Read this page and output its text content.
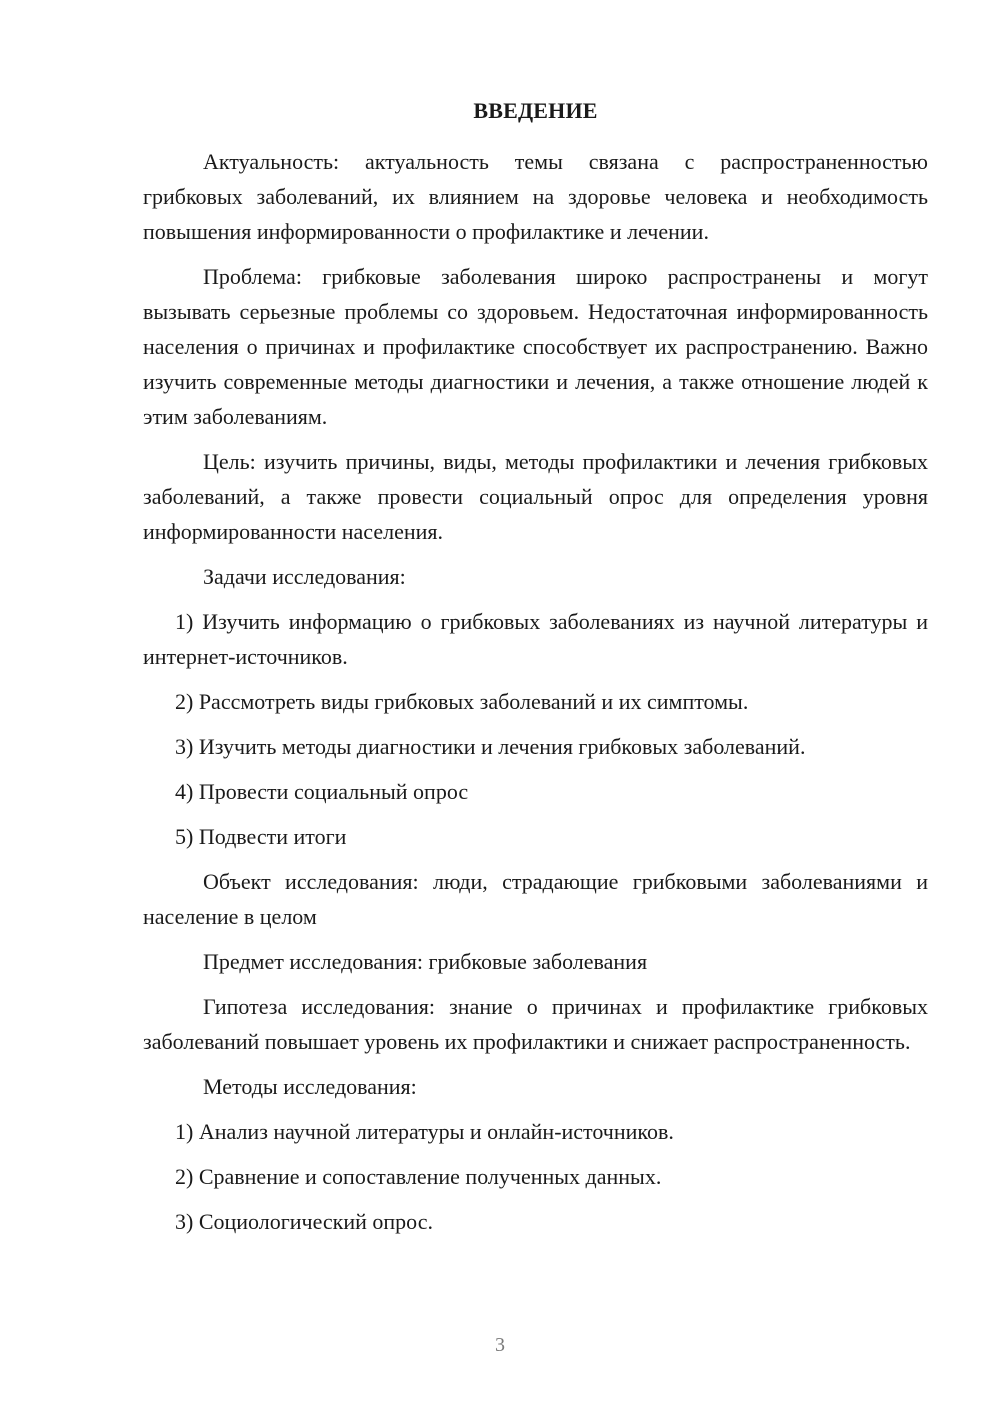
ВВЕДЕНИЕ

Актуальность: актуальность темы связана с распространенностью грибковых заболеваний, их влиянием на здоровье человека и необходимость повышения информированности о профилактике и лечении.

Проблема: грибковые заболевания широко распространены и могут вызывать серьезные проблемы со здоровьем. Недостаточная информированность населения о причинах и профилактике способствует их распространению. Важно изучить современные методы диагностики и лечения, а также отношение людей к этим заболеваниям.

Цель: изучить причины, виды, методы профилактики и лечения грибковых заболеваний, а также провести социальный опрос для определения уровня информированности населения.

Задачи исследования:

1) Изучить информацию о грибковых заболеваниях из научной литературы и интернет-источников.

2) Рассмотреть виды грибковых заболеваний и их симптомы.

3) Изучить методы диагностики и лечения грибковых заболеваний.

4) Провести социальный опрос

5) Подвести итоги

Объект исследования: люди, страдающие грибковыми заболеваниями и население в целом

Предмет исследования: грибковые заболевания

Гипотеза исследования: знание о причинах и профилактике грибковых заболеваний повышает уровень их профилактики и снижает распространенность.

Методы исследования:

1) Анализ научной литературы и онлайн-источников.

2) Сравнение и сопоставление полученных данных.

3) Социологический опрос.

3
